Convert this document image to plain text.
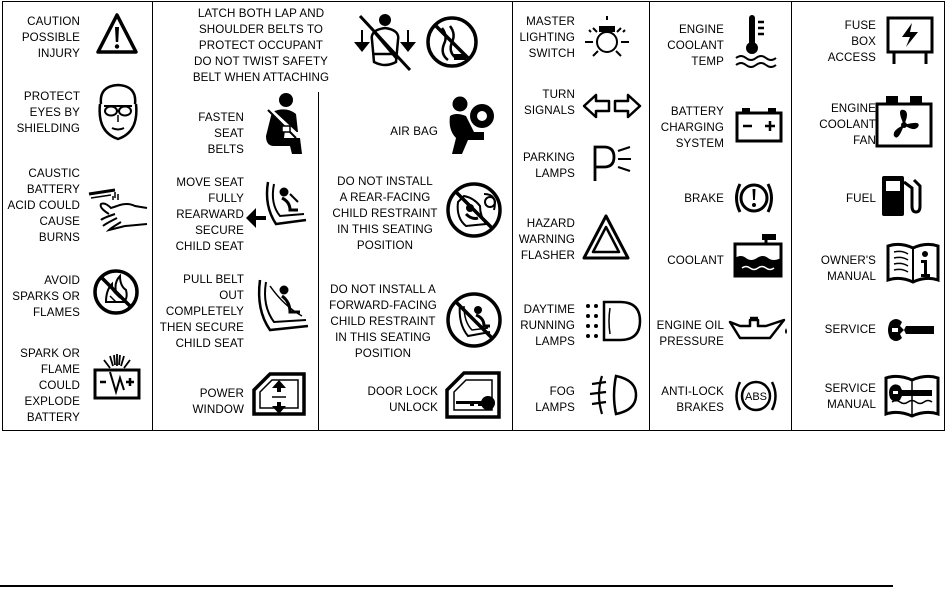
CAUTION
POSSIBLE
INJURY
PROTECT
EYES BY
SHIELDING
CAUSTIC
BATTERY
ACID COULD
CAUSE
BURNS
AVOID
SPARKS OR
FLAMES
SPARK OR
FLAME
COULD
EXPLODE
BATTERY
LATCH BOTH LAP AND
SHOULDER BELTS TO
PROTECT OCCUPANT
DO NOT TWIST SAFETY
BELT WHEN ATTACHING
FASTEN
SEAT
BELTS
MOVE SEAT
FULLY
REARWARD
SECURE
CHILD SEAT
PULL BELT
OUT
COMPLETELY
THEN SECURE
CHILD SEAT
POWER
WINDOW
AIR BAG
DO NOT INSTALL
A REAR-FACING
CHILD RESTRAINT
IN THIS SEATING
POSITION
DO NOT INSTALL A
FORWARD-FACING
CHILD RESTRAINT
IN THIS SEATING
POSITION
DOOR LOCK
UNLOCK
MASTER
LIGHTING
SWITCH
TURN
SIGNALS
PARKING
LAMPS
HAZARD
WARNING
FLASHER
DAYTIME
RUNNING
LAMPS
FOG
LAMPS
ENGINE
COOLANT
TEMP
BATTERY
CHARGING
SYSTEM
BRAKE
COOLANT
ENGINE OIL
PRESSURE
ANTI-LOCK
BRAKES
ABS
FUSE
BOX
ACCESS
ENGINE
COOLANT
FAN
FUEL
OWNER'S
MANUAL
SERVICE
SERVICE
MANUAL
